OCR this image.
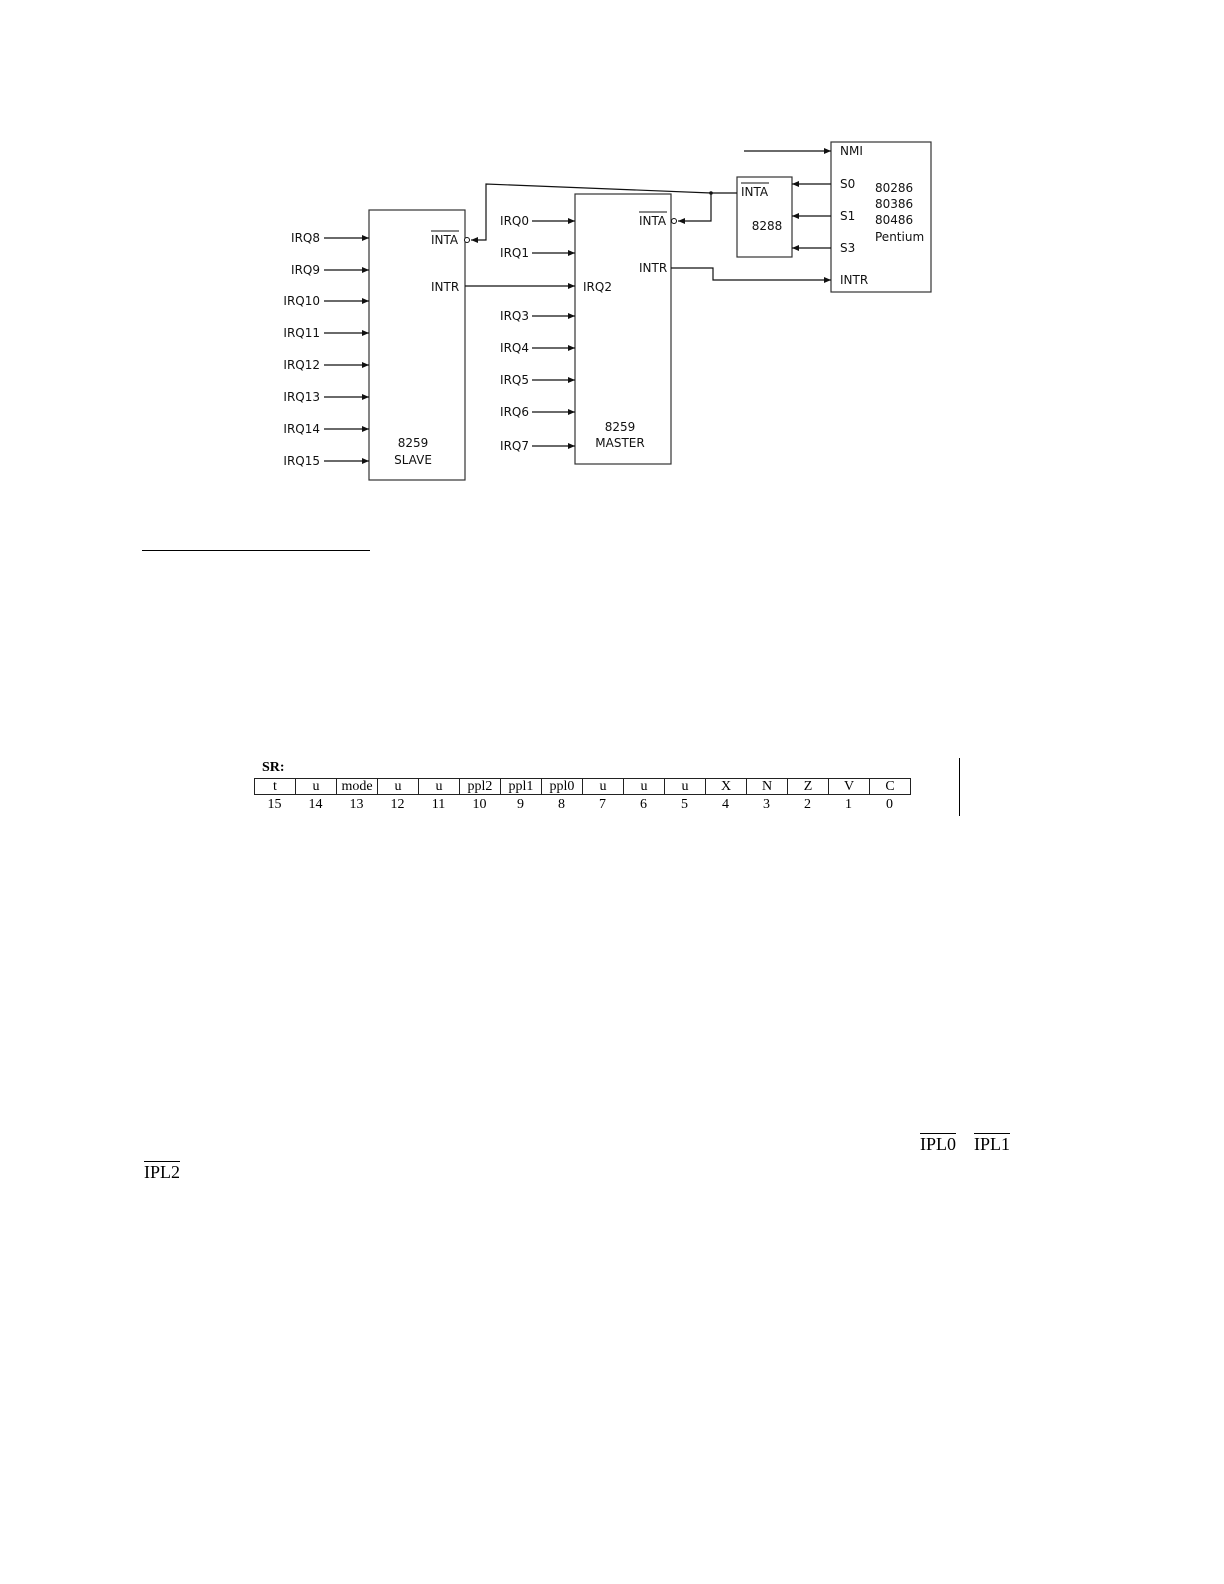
IRQ8
IRQ9
IRQ10
IRQ11
IRQ12
IRQ13
IRQ14
IRQ15
INTA
INTR
8259
SLAVE
IRQ0
IRQ1
IRQ2
IRQ3
IRQ4
IRQ5
IRQ6
IRQ7
INTA
INTR
8259
MASTER
INTA
8288
NMI
S0
S1
S3
INTR
80286
80386
80486
Pentium
SR:
t	u	mode	u	u	ppl2	ppl1	ppl0	u	u	u	X	N	Z	V	C
15	14	13	12	11	10	9	8	7	6	5	4	3	2	1	0
IPL0 IPL1
IPL2
